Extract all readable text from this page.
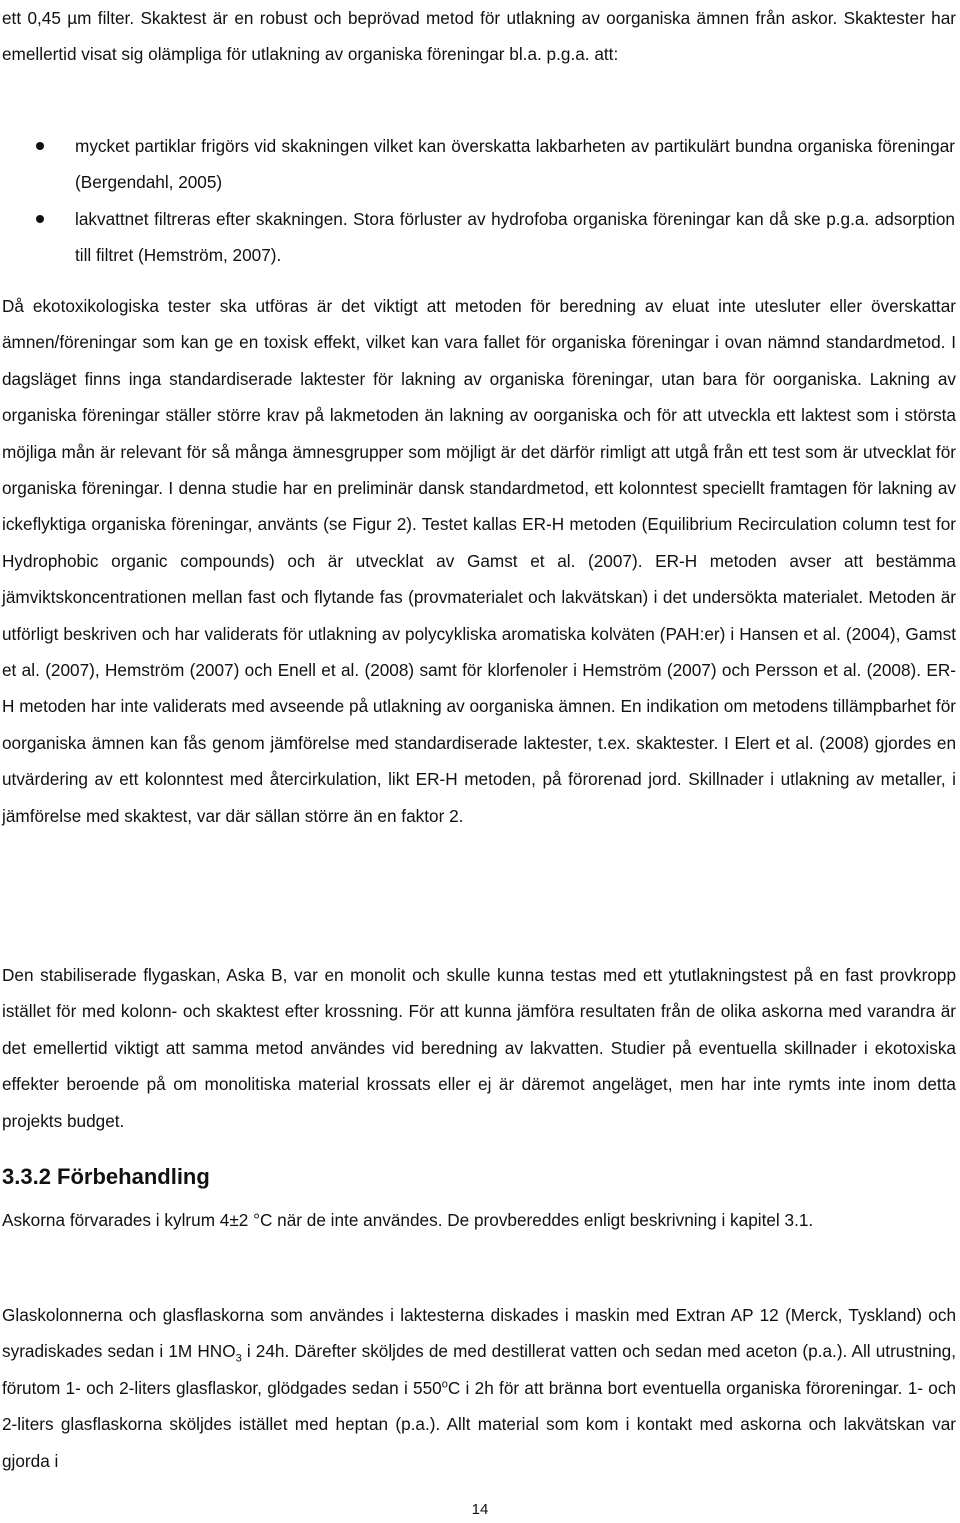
ett 0,45 µm filter. Skaktest är en robust och beprövad metod för utlakning av oorganiska ämnen från askor. Skaktester har emellertid visat sig olämpliga för utlakning av organiska föreningar bl.a. p.g.a. att:

mycket partiklar frigörs vid skakningen vilket kan överskatta lakbarheten av partikulärt bundna organiska föreningar (Bergendahl, 2005)
lakvattnet filtreras efter skakningen. Stora förluster av hydrofoba organiska föreningar kan då ske p.g.a. adsorption till filtret (Hemström, 2007).

Då ekotoxikologiska tester ska utföras är det viktigt att metoden för beredning av eluat inte utesluter eller överskattar ämnen/föreningar som kan ge en toxisk effekt, vilket kan vara fallet för organiska föreningar i ovan nämnd standardmetod. I dagsläget finns inga standardiserade laktester för lakning av organiska föreningar, utan bara för oorganiska. Lakning av organiska föreningar ställer större krav på lakmetoden än lakning av oorganiska och för att utveckla ett laktest som i största möjliga mån är relevant för så många ämnesgrupper som möjligt är det därför rimligt att utgå från ett test som är utvecklat för organiska föreningar. I denna studie har en preliminär dansk standardmetod, ett kolonntest speciellt framtagen för lakning av ickeflyktiga organiska föreningar, använts (se Figur 2). Testet kallas ER-H metoden (Equilibrium Recirculation column test for Hydrophobic organic compounds) och är utvecklat av Gamst et al. (2007). ER-H metoden avser att bestämma jämviktskoncentrationen mellan fast och flytande fas (provmaterialet och lakvätskan) i det undersökta materialet. Metoden är utförligt beskriven och har validerats för utlakning av polycykliska aromatiska kolväten (PAH:er) i Hansen et al. (2004), Gamst et al. (2007), Hemström (2007) och Enell et al. (2008) samt för klorfenoler i Hemström (2007) och Persson et al. (2008). ER-H metoden har inte validerats med avseende på utlakning av oorganiska ämnen. En indikation om metodens tillämpbarhet för oorganiska ämnen kan fås genom jämförelse med standardiserade laktester, t.ex. skaktester. I Elert et al. (2008) gjordes en utvärdering av ett kolonntest med återcirkulation, likt ER-H metoden, på förorenad jord. Skillnader i utlakning av metaller, i jämförelse med skaktest, var där sällan större än en faktor 2.

Den stabiliserade flygaskan, Aska B, var en monolit och skulle kunna testas med ett ytutlakningstest på en fast provkropp istället för med kolonn- och skaktest efter krossning. För att kunna jämföra resultaten från de olika askorna med varandra är det emellertid viktigt att samma metod användes vid beredning av lakvatten. Studier på eventuella skillnader i ekotoxiska effekter beroende på om monolitiska material krossats eller ej är däremot angeläget, men har inte rymts inte inom detta projekts budget.

3.3.2 Förbehandling

Askorna förvarades i kylrum 4±2 °C när de inte användes. De provbereddes enligt beskrivning i kapitel 3.1.

Glaskolonnerna och glasflaskorna som användes i laktesterna diskades i maskin med Extran AP 12 (Merck, Tyskland) och syradiskades sedan i 1M $HNO_3$ i 24h. Därefter sköljdes de med destillerat vatten och sedan med aceton (p.a.). All utrustning, förutom 1- och 2-liters glasflaskor, glödgades sedan i 550$^o$C i 2h för att bränna bort eventuella organiska föroreningar. 1- och 2-liters glasflaskorna sköljdes istället med heptan (p.a.). Allt material som kom i kontakt med askorna och lakvätskan var gjorda i

14
